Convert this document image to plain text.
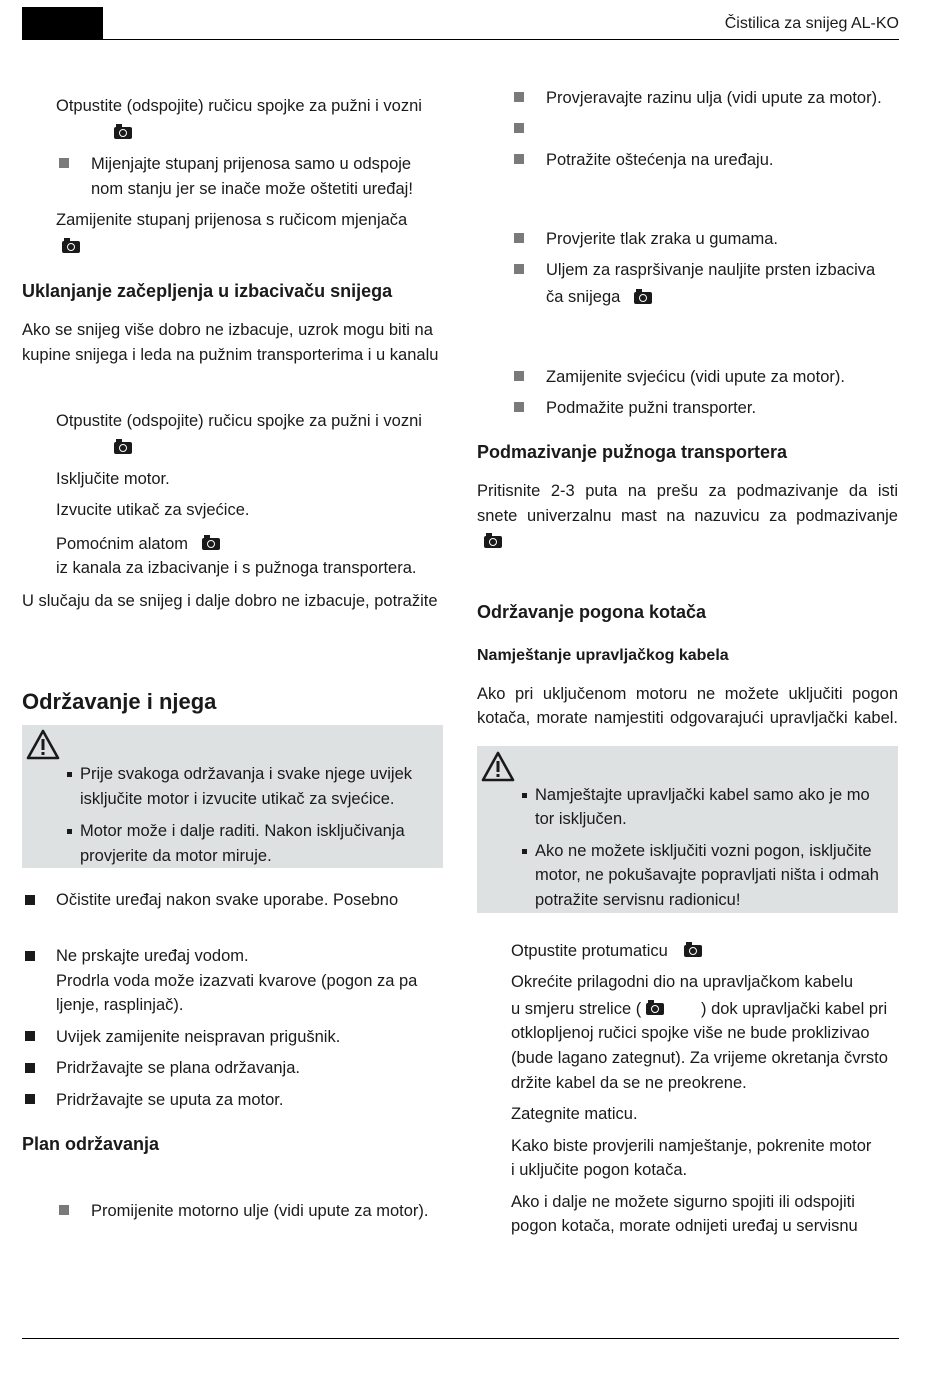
Čistilica za snijeg AL-KO
Otpustite (odspojite) ručicu spojke za pužni i vozni
Mijenjajte stupanj prijenosa samo u odspoje
nom stanju jer se inače može oštetiti uređaj!
Zamijenite stupanj prijenosa s ručicom mjenjača
Uklanjanje začepljenja u izbacivaču snijega
Ako se snijeg više dobro ne izbacuje, uzrok mogu biti na
kupine snijega i leda na pužnim transporterima i u kanalu
Otpustite (odspojite) ručicu spojke za pužni i vozni
Isključite motor.
Izvucite utikač za svjećice.
Pomoćnim alatom
iz kanala za izbacivanje i s pužnoga transportera.
U slučaju da se snijeg i dalje dobro ne izbacuje, potražite
Održavanje i njega
Prije svakoga održavanja i svake njege uvijek
isključite motor i izvucite utikač za svjećice.
Motor može i dalje raditi. Nakon isključivanja
provjerite da motor miruje.
Očistite uređaj nakon svake uporabe. Posebno
Ne prskajte uređaj vodom.
Prodrla voda može izazvati kvarove (pogon za pa
ljenje, rasplinjač).
Uvijek zamijenite neispravan prigušnik.
Pridržavajte se plana održavanja.
Pridržavajte se uputa za motor.
Plan održavanja
Promijenite motorno ulje (vidi upute za motor).
Provjeravajte razinu ulja (vidi upute za motor).
Potražite oštećenja na uređaju.
Provjerite tlak zraka u gumama.
Uljem za raspršivanje nauljite prsten izbaciva
ča snijega
Zamijenite svjećicu (vidi upute za motor).
Podmažite pužni transporter.
Podmazivanje pužnoga transportera
Pritisnite 2-3 puta na prešu za podmazivanje da isti
snete univerzalnu mast na nazuvicu za podmazivanje
Održavanje pogona kotača
Namještanje upravljačkog kabela
Ako pri uključenom motoru ne možete uključiti pogon
kotača, morate namjestiti odgovarajući upravljački kabel.
Namještajte upravljački kabel samo ako je mo
tor isključen.
Ako ne možete isključiti vozni pogon, isključite
motor, ne pokušavajte popravljati ništa i odmah
potražite servisnu radionicu!
Otpustite protumaticu
Okrećite prilagodni dio na upravljačkom kabelu
u smjeru strelice (	) dok upravljački kabel pri
otklopljenoj ručici spojke više ne bude proklizivao
(bude lagano zategnut). Za vrijeme okretanja čvrsto
držite kabel da se ne preokrene.
Zategnite maticu.
Kako biste provjerili namještanje, pokrenite motor
i uključite pogon kotača.
Ako i dalje ne možete sigurno spojiti ili odspojiti
pogon kotača, morate odnijeti uređaj u servisnu
